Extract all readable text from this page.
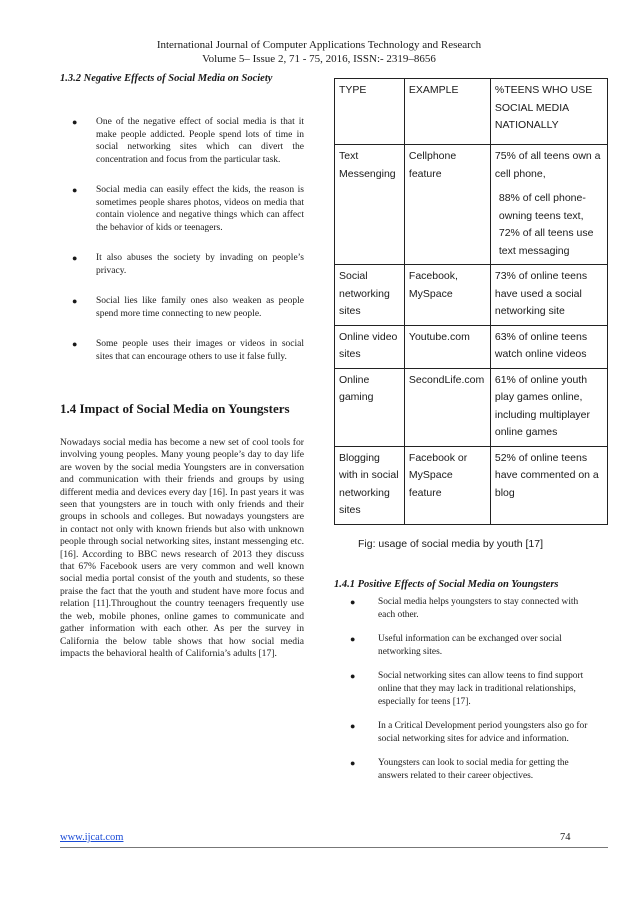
International Journal of Computer Applications Technology and Research
Volume 5– Issue 2, 71 - 75, 2016, ISSN:- 2319–8656

1.3.2 Negative Effects of Social Media on Society

● One of the negative effect of social media is that it make people addicted. People spend lots of time in social networking sites which can divert the concentration and focus from the particular task.
● Social media can easily effect the kids, the reason is sometimes people shares photos, videos on media that contain violence and negative things which can affect the behavior of kids or teenagers.
● It also abuses the society by invading on people’s privacy.
● Social lies like family ones also weaken as people spend more time connecting to new people.
● Some people uses their images or videos in social sites that can encourage others to use it false fully.

1.4 Impact of Social Media on Youngsters

Nowadays social media has become a new set of cool tools for involving young peoples. Many young people’s day to day life are woven by the social media Youngsters are in conversation and communication with their friends and groups by using different media and devices every day [16]. In past years it was seen that youngsters are in touch with only friends and their groups in schools and colleges. But nowadays youngsters are in contact not only with known friends but also with unknown people through social networking sites, instant messenging etc. [16]. According to BBC news research of 2013 they discuss that 67% Facebook users are very common and well known social media portal consist of the youth and students, so these praise the fact that the youth and student have more focus and relation [11].Throughout the country teenagers frequently use the web, mobile phones, online games to communicate and gather information with each other. As per the survey in California the below table shows that how social media impacts the behavioral health of California’s adults [17].

TYPE	EXAMPLE	%TEENS WHO USE SOCIAL MEDIA NATIONALLY
Text Messenging	Cellphone feature	75% of all teens own a cell phone,
88% of cell phone-owning teens text, 72% of all teens use text messaging

Social networking sites	Facebook, MySpace	73% of online teens have used a social networking site
Online video sites	Youtube.com	63% of online teens watch online videos
Online gaming	SecondLife.com	61% of online youth play games online, including multiplayer online games
Blogging with in social networking sites	Facebook or MySpace feature	52% of online teens have commented on a blog
Fig: usage of social media by youth [17]

1.4.1 Positive Effects of Social Media on Youngsters

● Social media helps youngsters to stay connected with each other.
● Useful information can be exchanged over social networking sites.
● Social networking sites can allow teens to find support online that they may lack in traditional relationships, especially for teens [17].
● In a Critical Development period youngsters also go for social networking sites for advice and information.
● Youngsters can look to social media for getting the answers related to their career objectives.
www.ijcat.com	74
